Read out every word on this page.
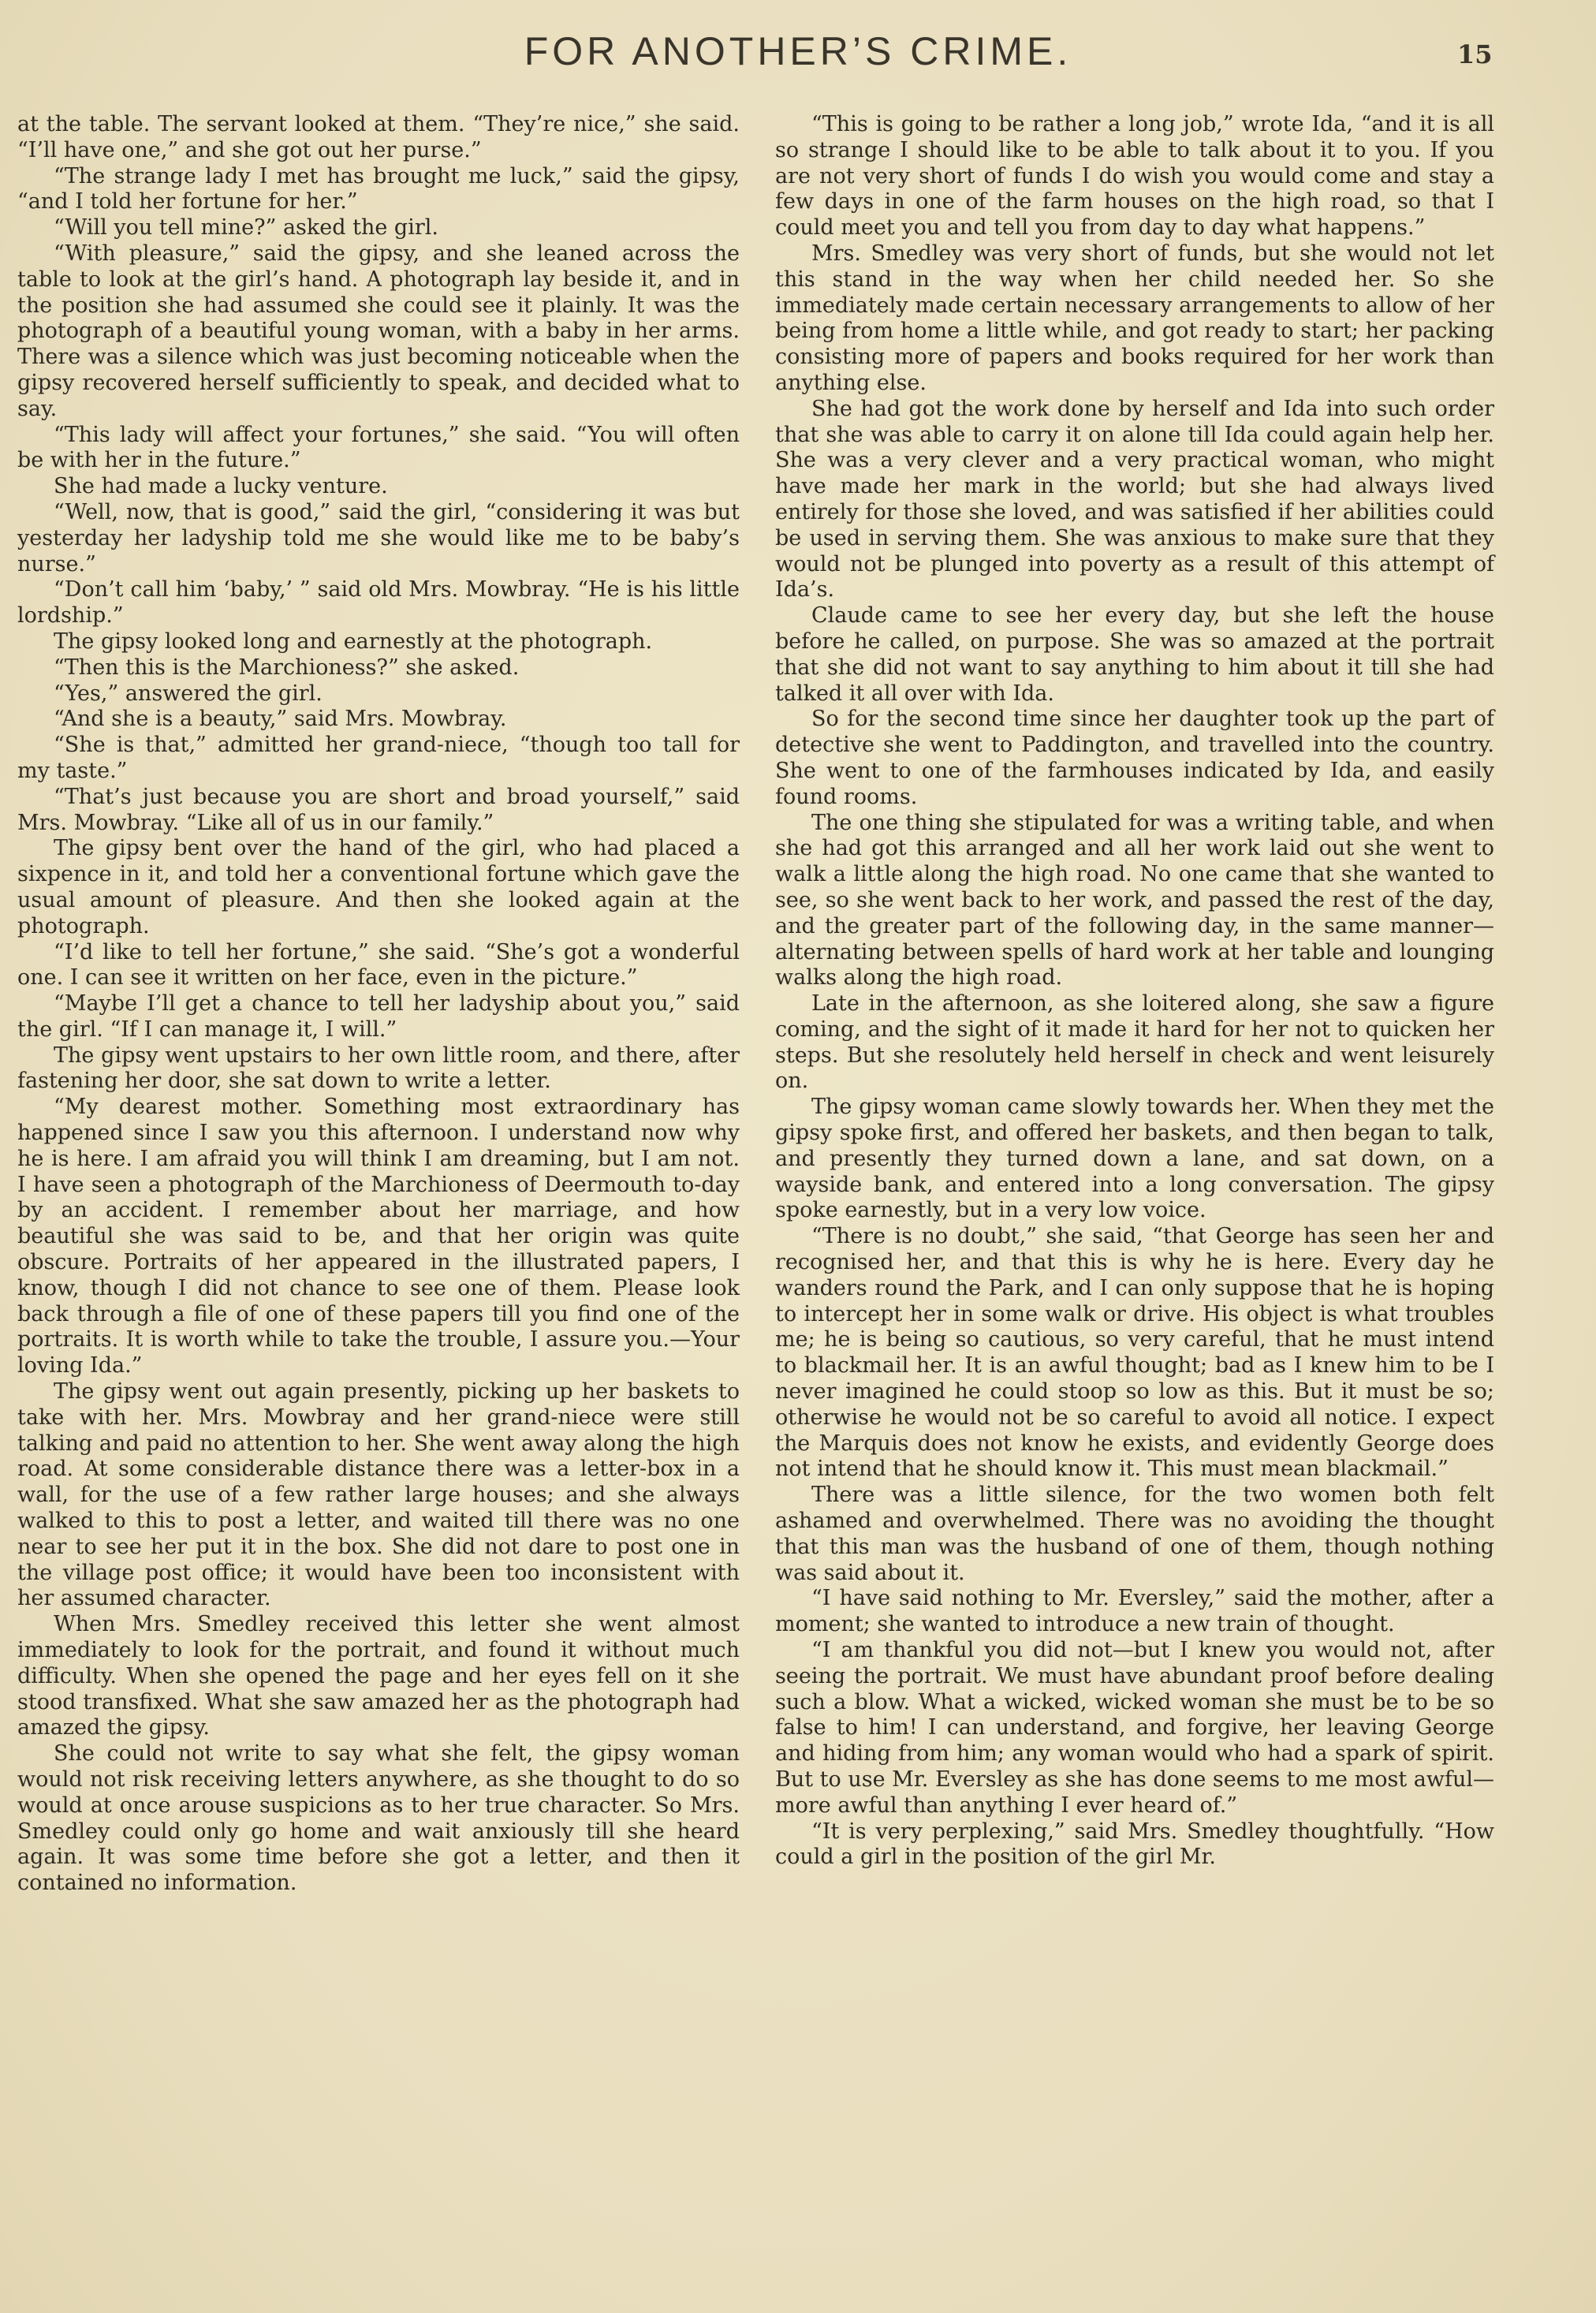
FOR ANOTHER’S CRIME.	15

at the table. The servant looked at them. “They’re nice,” she said. “I’ll have one,” and she got out her purse.”

“The strange lady I met has brought me luck,” said the gipsy, “and I told her fortune for her.”

“Will you tell mine?” asked the girl.

“With pleasure,” said the gipsy, and she leaned across the table to look at the girl’s hand. A photograph lay beside it, and in the position she had assumed she could see it plainly. It was the photograph of a beautiful young woman, with a baby in her arms. There was a silence which was just becoming noticeable when the gipsy recovered herself sufficiently to speak, and decided what to say.

“This lady will affect your fortunes,” she said. “You will often be with her in the future.”

She had made a lucky venture.

“Well, now, that is good,” said the girl, “considering it was but yesterday her ladyship told me she would like me to be baby’s nurse.”

“Don’t call him ‘baby,’ ” said old Mrs. Mowbray. “He is his little lordship.”

The gipsy looked long and earnestly at the photograph.

“Then this is the Marchioness?” she asked.

“Yes,” answered the girl.

“And she is a beauty,” said Mrs. Mowbray.

“She is that,” admitted her grand-niece, “though too tall for my taste.”

“That’s just because you are short and broad yourself,” said Mrs. Mowbray. “Like all of us in our family.”

The gipsy bent over the hand of the girl, who had placed a sixpence in it, and told her a conventional fortune which gave the usual amount of pleasure. And then she looked again at the photograph.

“I’d like to tell her fortune,” she said. “She’s got a wonderful one. I can see it written on her face, even in the picture.”

“Maybe I’ll get a chance to tell her ladyship about you,” said the girl. “If I can manage it, I will.”

The gipsy went upstairs to her own little room, and there, after fastening her door, she sat down to write a letter.

“My dearest mother. Something most extraordinary has happened since I saw you this afternoon. I understand now why he is here. I am afraid you will think I am dreaming, but I am not. I have seen a photograph of the Marchioness of Deermouth to-day by an accident. I remember about her marriage, and how beautiful she was said to be, and that her origin was quite obscure. Portraits of her appeared in the illustrated papers, I know, though I did not chance to see one of them. Please look back through a file of one of these papers till you find one of the portraits. It is worth while to take the trouble, I assure you.—Your loving Ida.”

The gipsy went out again presently, picking up her baskets to take with her. Mrs. Mowbray and her grand-niece were still talking and paid no attention to her. She went away along the high road. At some considerable distance there was a letter-box in a wall, for the use of a few rather large houses; and she always walked to this to post a letter, and waited till there was no one near to see her put it in the box. She did not dare to post one in the village post office; it would have been too inconsistent with her assumed character.

When Mrs. Smedley received this letter she went almost immediately to look for the portrait, and found it without much difficulty. When she opened the page and her eyes fell on it she stood transfixed. What she saw amazed her as the photograph had amazed the gipsy.

She could not write to say what she felt, the gipsy woman would not risk receiving letters anywhere, as she thought to do so would at once arouse suspicions as to her true character. So Mrs. Smedley could only go home and wait anxiously till she heard again. It was some time before she got a letter, and then it contained no information.

“This is going to be rather a long job,” wrote Ida, “and it is all so strange I should like to be able to talk about it to you. If you are not very short of funds I do wish you would come and stay a few days in one of the farm houses on the high road, so that I could meet you and tell you from day to day what happens.”

Mrs. Smedley was very short of funds, but she would not let this stand in the way when her child needed her. So she immediately made certain necessary arrangements to allow of her being from home a little while, and got ready to start; her packing consisting more of papers and books required for her work than anything else.

She had got the work done by herself and Ida into such order that she was able to carry it on alone till Ida could again help her. She was a very clever and a very practical woman, who might have made her mark in the world; but she had always lived entirely for those she loved, and was satisfied if her abilities could be used in serving them. She was anxious to make sure that they would not be plunged into poverty as a result of this attempt of Ida’s.

Claude came to see her every day, but she left the house before he called, on purpose. She was so amazed at the portrait that she did not want to say anything to him about it till she had talked it all over with Ida.

So for the second time since her daughter took up the part of detective she went to Paddington, and travelled into the country. She went to one of the farmhouses indicated by Ida, and easily found rooms.

The one thing she stipulated for was a writing table, and when she had got this arranged and all her work laid out she went to walk a little along the high road. No one came that she wanted to see, so she went back to her work, and passed the rest of the day, and the greater part of the following day, in the same manner—alternating between spells of hard work at her table and lounging walks along the high road.

Late in the afternoon, as she loitered along, she saw a figure coming, and the sight of it made it hard for her not to quicken her steps. But she resolutely held herself in check and went leisurely on.

The gipsy woman came slowly towards her. When they met the gipsy spoke first, and offered her baskets, and then began to talk, and presently they turned down a lane, and sat down, on a wayside bank, and entered into a long conversation. The gipsy spoke earnestly, but in a very low voice.

“There is no doubt,” she said, “that George has seen her and recognised her, and that this is why he is here. Every day he wanders round the Park, and I can only suppose that he is hoping to intercept her in some walk or drive. His object is what troubles me; he is being so cautious, so very careful, that he must intend to blackmail her. It is an awful thought; bad as I knew him to be I never imagined he could stoop so low as this. But it must be so; otherwise he would not be so careful to avoid all notice. I expect the Marquis does not know he exists, and evidently George does not intend that he should know it. This must mean blackmail.”

There was a little silence, for the two women both felt ashamed and overwhelmed. There was no avoiding the thought that this man was the husband of one of them, though nothing was said about it.

“I have said nothing to Mr. Eversley,” said the mother, after a moment; she wanted to introduce a new train of thought.

“I am thankful you did not—but I knew you would not, after seeing the portrait. We must have abundant proof before dealing such a blow. What a wicked, wicked woman she must be to be so false to him! I can understand, and forgive, her leaving George and hiding from him; any woman would who had a spark of spirit. But to use Mr. Eversley as she has done seems to me most awful—more awful than anything I ever heard of.”

“It is very perplexing,” said Mrs. Smedley thoughtfully. “How could a girl in the position of the girl Mr.
